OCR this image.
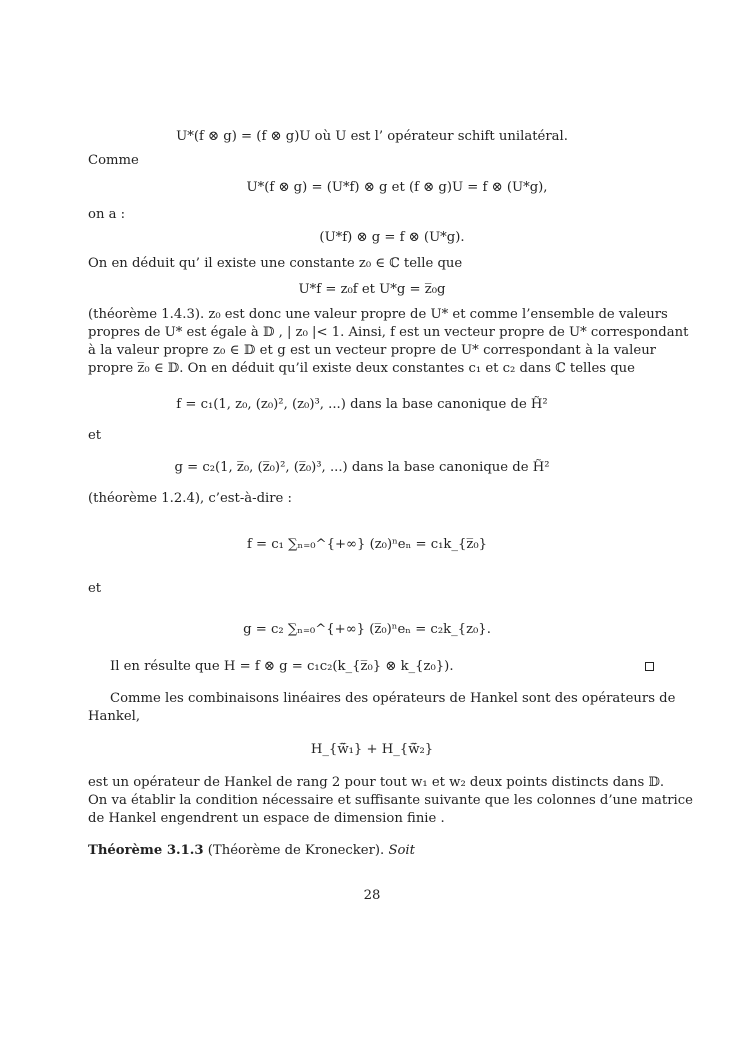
U*(f ⊗ g) = (f ⊗ g)U où U est l’ opérateur schift unilatéral.
Comme
U*(f ⊗ g) = (U*f) ⊗ g et (f ⊗ g)U = f ⊗ (U*g),
on a :
(U*f) ⊗ g = f ⊗ (U*g).
On en déduit qu’ il existe une constante z₀ ∈ ℂ telle que
U*f = z₀f et U*g = z̅₀g
(théorème 1.4.3). z₀ est donc une valeur propre de U* et comme l’ensemble de valeurs
propres de U* est égale à 𝔻 , | z₀ |< 1. Ainsi, f est un vecteur propre de U* correspondant
à la valeur propre z₀ ∈ 𝔻 et g est un vecteur propre de U* correspondant à la valeur
propre z̅₀ ∈ 𝔻. On en déduit qu’il existe deux constantes c₁ et c₂ dans ℂ telles que
f = c₁(1, z₀, (z₀)², (z₀)³, ...) dans la base canonique de H̃²
et
g = c₂(1, z̅₀, (z̅₀)², (z̅₀)³, ...) dans la base canonique de H̃²
(théorème 1.2.4), c’est-à-dire :
f = c₁ ∑ₙ₌₀^{+∞} (z₀)ⁿeₙ = c₁k_{z̅₀}
et
g = c₂ ∑ₙ₌₀^{+∞} (z̅₀)ⁿeₙ = c₂k_{z₀}.
Il en résulte que H = f ⊗ g = c₁c₂(k_{z̅₀} ⊗ k_{z₀}).
Comme les combinaisons linéaires des opérateurs de Hankel sont des opérateurs de
Hankel,
H_{w̃̅₁} + H_{w̃̅₂}
est un opérateur de Hankel de rang 2 pour tout w₁ et w₂ deux points distincts dans 𝔻.
On va établir la condition nécessaire et suffisante suivante que les colonnes d’une matrice
de Hankel engendrent un espace de dimension finie .
Théorème 3.1.3 (Théorème de Kronecker). Soit
28
